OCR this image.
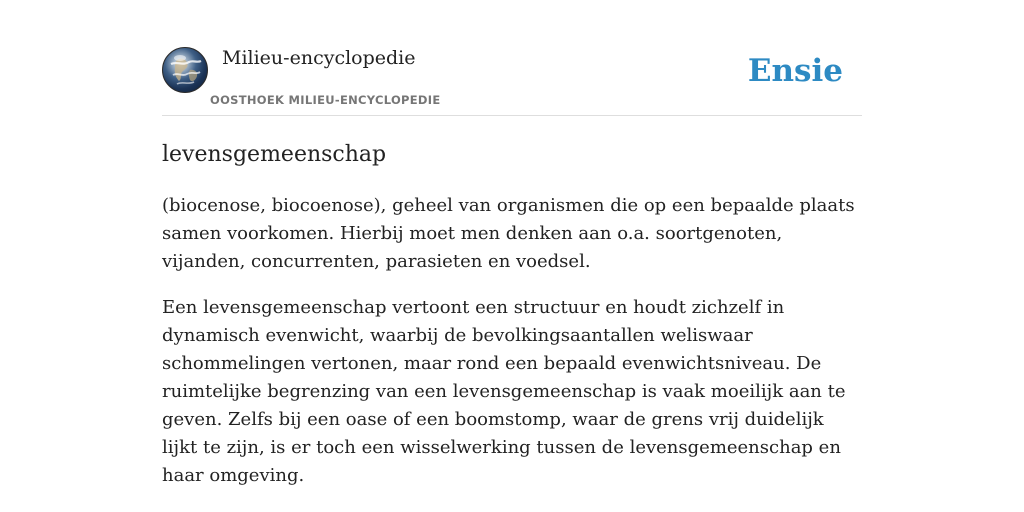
Milieu-encyclopedie
OOSTHOEK MILIEU-ENCYCLOPEDIE
Ensie
levensgemeenschap

(biocenose, biocoenose), geheel van organismen die op een bepaalde plaats samen voorkomen. Hierbij moet men denken aan o.a. soortgenoten, vijanden, concurrenten, parasieten en voedsel.

Een levensgemeenschap vertoont een structuur en houdt zichzelf in dynamisch evenwicht, waarbij de bevolkingsaantallen weliswaar schommelingen vertonen, maar rond een bepaald evenwichtsniveau. De ruimtelijke begrenzing van een levensgemeenschap is vaak moeilijk aan te geven. Zelfs bij een oase of een boomstomp, waar de grens vrij duidelijk lijkt te zijn, is er toch een wisselwerking tussen de levensgemeenschap en haar omgeving.
